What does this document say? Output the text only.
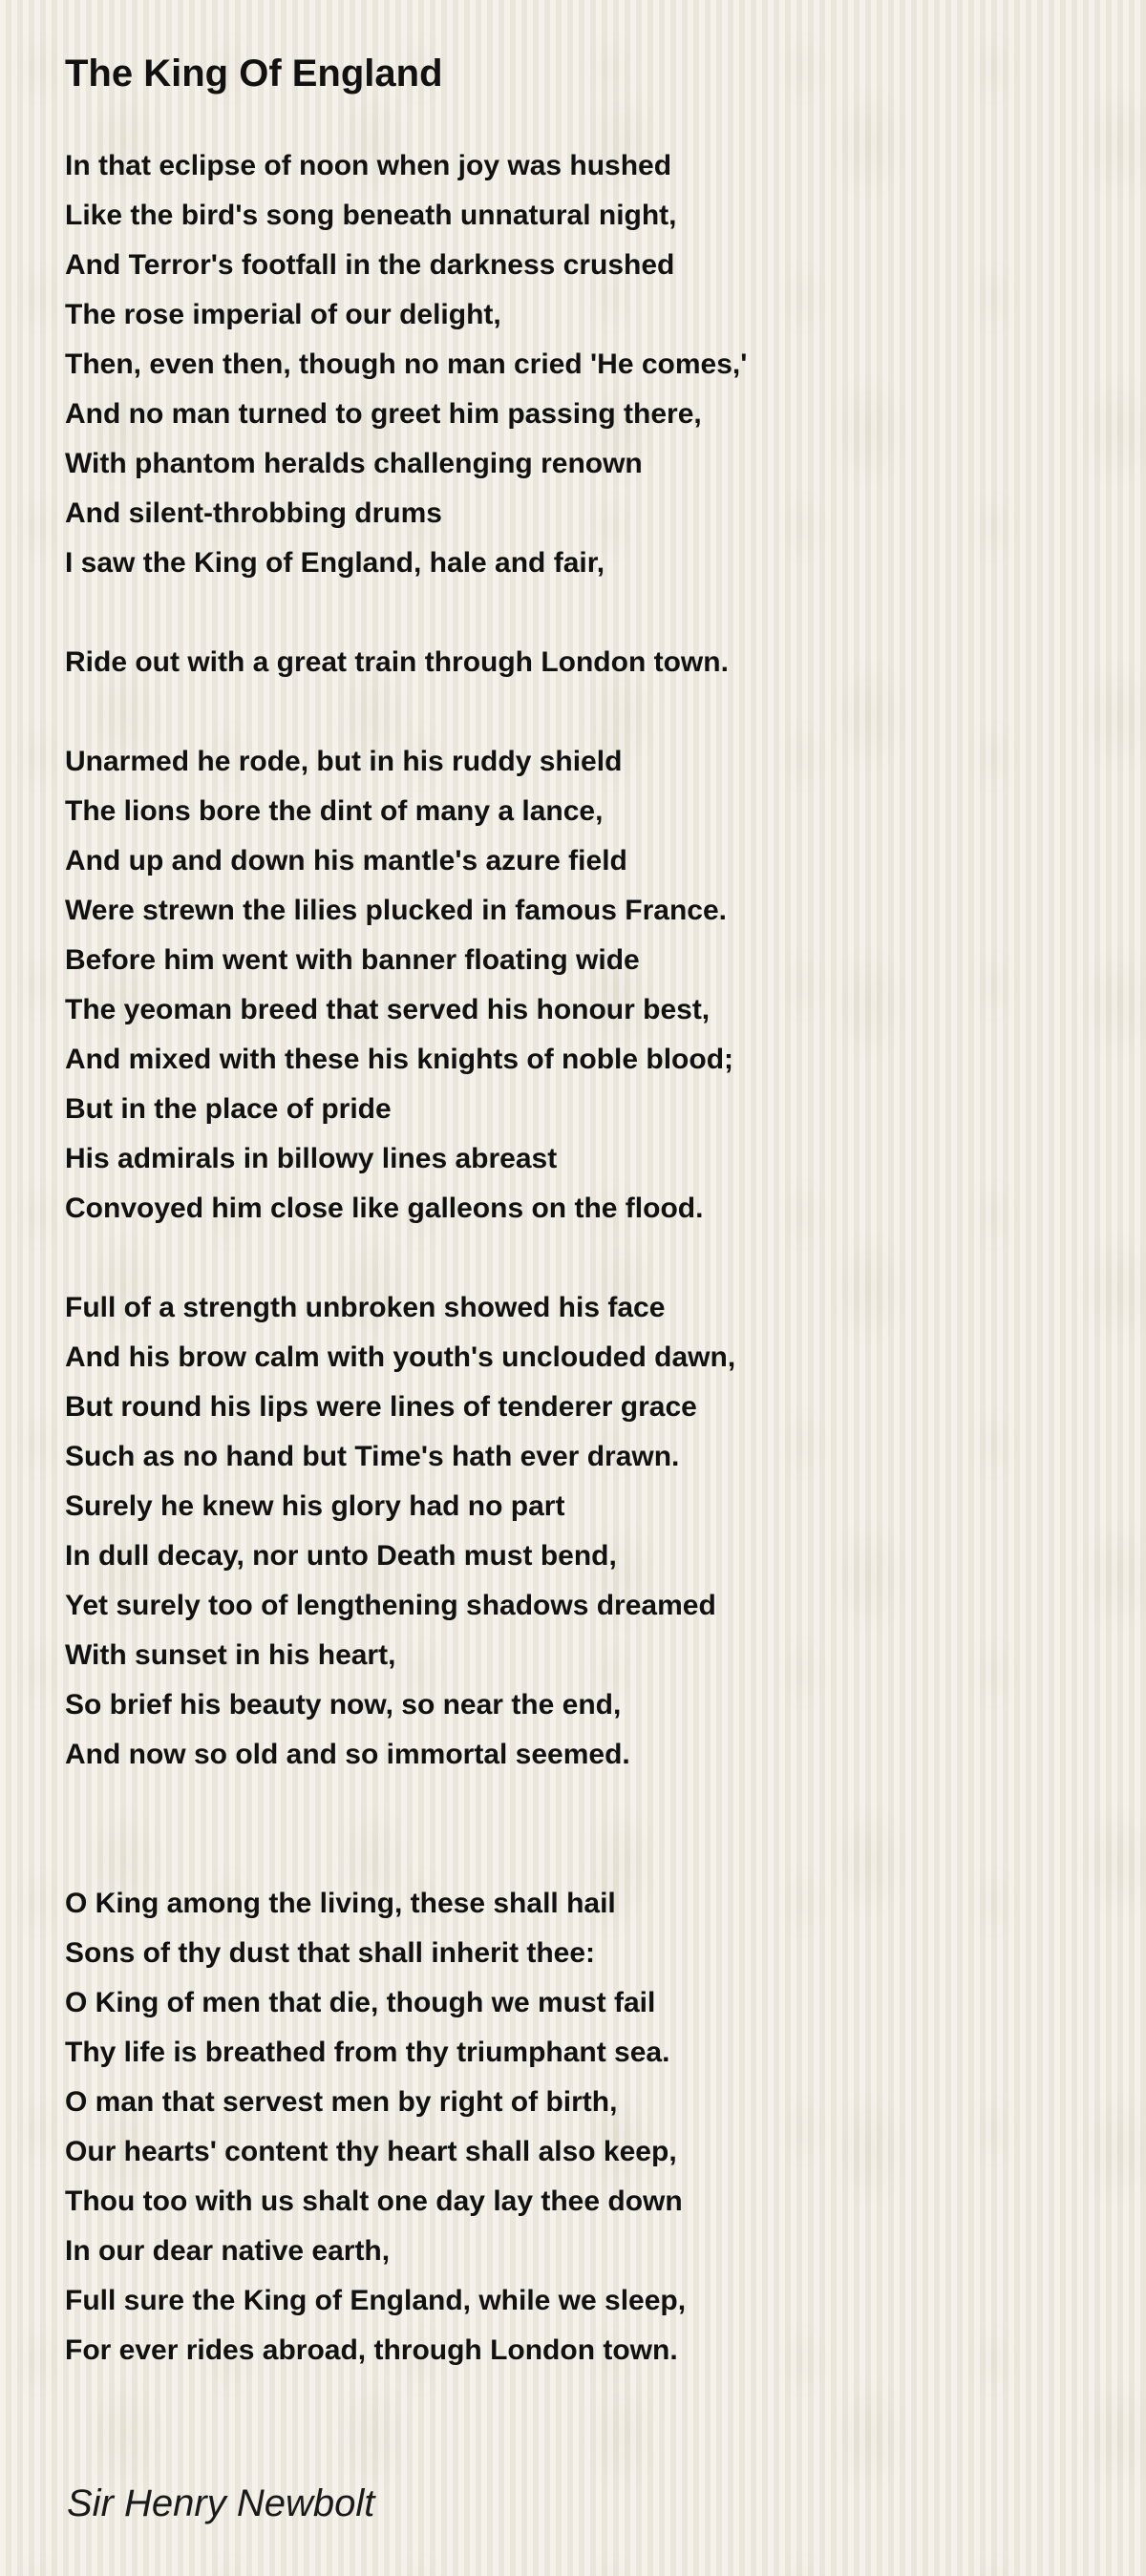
The King Of England
In that eclipse of noon when joy was hushed
Like the bird's song beneath unnatural night,
And Terror's footfall in the darkness crushed
The rose imperial of our delight,
Then, even then, though no man cried 'He comes,'
And no man turned to greet him passing there,
With phantom heralds challenging renown
And silent-throbbing drums
I saw the King of England, hale and fair,
Ride out with a great train through London town.
Unarmed he rode, but in his ruddy shield
The lions bore the dint of many a lance,
And up and down his mantle's azure field
Were strewn the lilies plucked in famous France.
Before him went with banner floating wide
The yeoman breed that served his honour best,
And mixed with these his knights of noble blood;
But in the place of pride
His admirals in billowy lines abreast
Convoyed him close like galleons on the flood.
Full of a strength unbroken showed his face
And his brow calm with youth's unclouded dawn,
But round his lips were lines of tenderer grace
Such as no hand but Time's hath ever drawn.
Surely he knew his glory had no part
In dull decay, nor unto Death must bend,
Yet surely too of lengthening shadows dreamed
With sunset in his heart,
So brief his beauty now, so near the end,
And now so old and so immortal seemed.
O King among the living, these shall hail
Sons of thy dust that shall inherit thee:
O King of men that die, though we must fail
Thy life is breathed from thy triumphant sea.
O man that servest men by right of birth,
Our hearts' content thy heart shall also keep,
Thou too with us shalt one day lay thee down
In our dear native earth,
Full sure the King of England, while we sleep,
For ever rides abroad, through London town.
Sir Henry Newbolt
